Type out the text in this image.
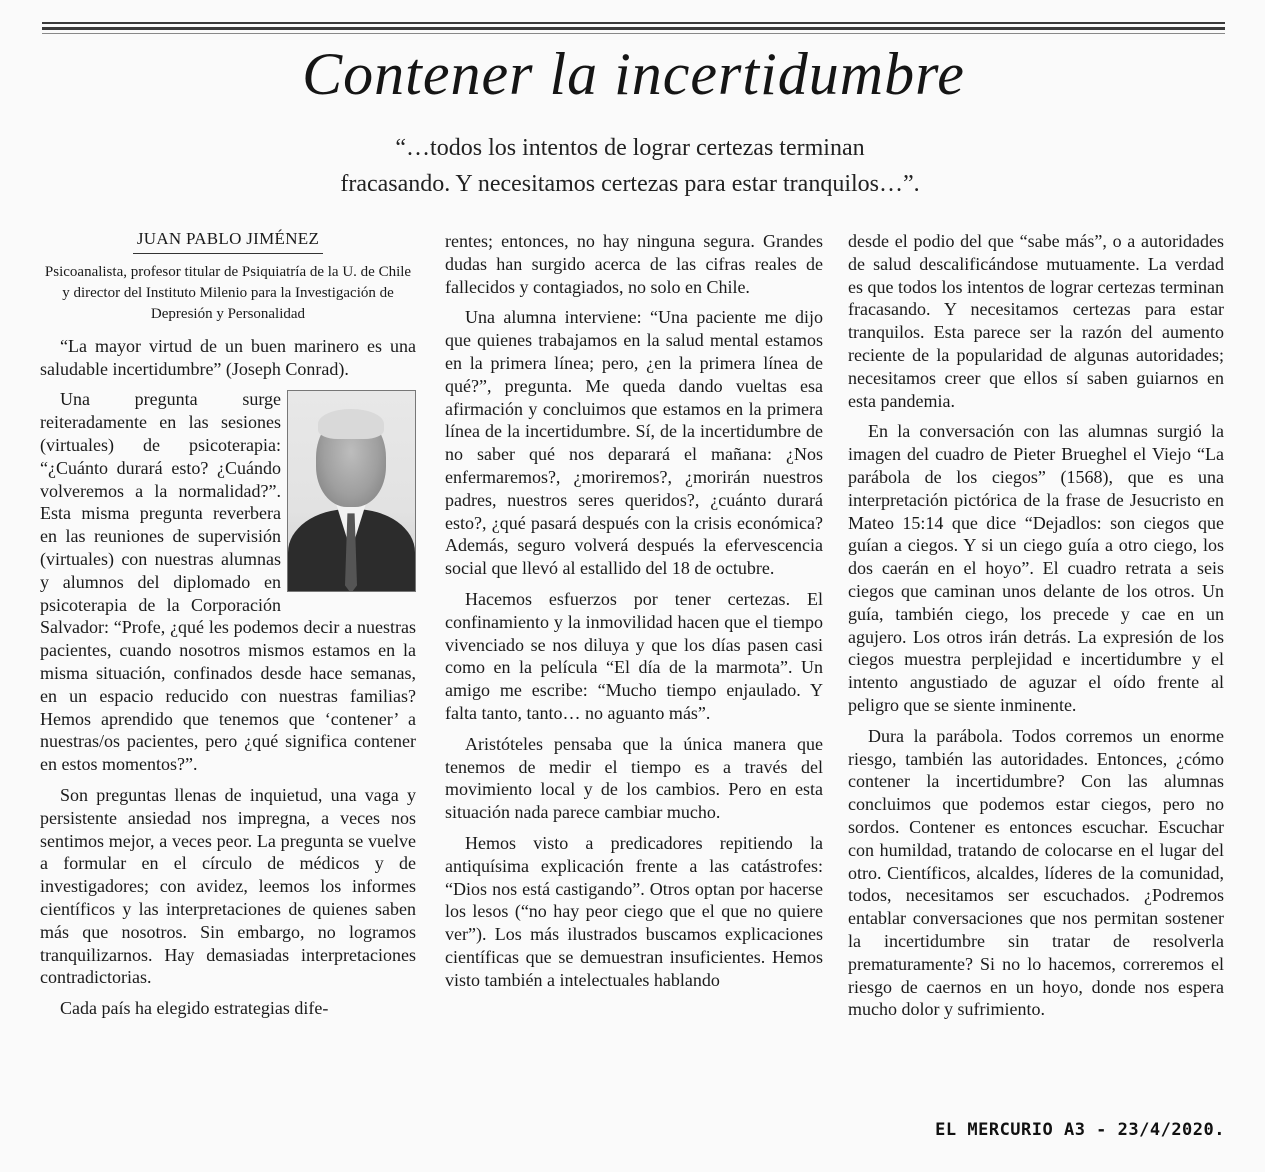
Contener la incertidumbre
“…todos los intentos de lograr certezas terminan
fracasando. Y necesitamos certezas para estar tranquilos…”.
JUAN PABLO JIMÉNEZ
Psicoanalista, profesor titular de Psiquiatría de la U. de Chile y director del Instituto Milenio para la Investigación de Depresión y Personalidad

“La mayor virtud de un buen marinero es una saludable incertidumbre” (Joseph Conrad).

Una pregunta surge reiteradamente en las sesiones (virtuales) de psicoterapia: “¿Cuánto durará esto? ¿Cuándo volveremos a la normalidad?”. Esta misma pregunta reverbera en las reuniones de supervisión (virtuales) con nuestras alumnas y alumnos del diplomado en psicoterapia de la Corporación Salvador: “Profe, ¿qué les podemos decir a nuestras pacientes, cuando nosotros mismos estamos en la misma situación, confinados desde hace semanas, en un espacio reducido con nuestras familias? Hemos aprendido que tenemos que ‘contener’ a nuestras/os pacientes, pero ¿qué significa contener en estos momentos?”.

Son preguntas llenas de inquietud, una vaga y persistente ansiedad nos impregna, a veces nos sentimos mejor, a veces peor. La pregunta se vuelve a formular en el círculo de médicos y de investigadores; con avidez, leemos los informes científicos y las interpretaciones de quienes saben más que nosotros. Sin embargo, no logramos tranquilizarnos. Hay demasiadas interpretaciones contradictorias.

Cada país ha elegido estrategias dife-

rentes; entonces, no hay ninguna segura. Grandes dudas han surgido acerca de las cifras reales de fallecidos y contagiados, no solo en Chile.

Una alumna interviene: “Una paciente me dijo que quienes trabajamos en la salud mental estamos en la primera línea; pero, ¿en la primera línea de qué?”, pregunta. Me queda dando vueltas esa afirmación y concluimos que estamos en la primera línea de la incertidumbre. Sí, de la incertidumbre de no saber qué nos deparará el mañana: ¿Nos enfermaremos?, ¿moriremos?, ¿morirán nuestros padres, nuestros seres queridos?, ¿cuánto durará esto?, ¿qué pasará después con la crisis económica? Además, seguro volverá después la efervescencia social que llevó al estallido del 18 de octubre.

Hacemos esfuerzos por tener certezas. El confinamiento y la inmovilidad hacen que el tiempo vivenciado se nos diluya y que los días pasen casi como en la película “El día de la marmota”. Un amigo me escribe: “Mucho tiempo enjaulado. Y falta tanto, tanto… no aguanto más”.

Aristóteles pensaba que la única manera que tenemos de medir el tiempo es a través del movimiento local y de los cambios. Pero en esta situación nada parece cambiar mucho.

Hemos visto a predicadores repitiendo la antiquísima explicación frente a las catástrofes: “Dios nos está castigando”. Otros optan por hacerse los lesos (“no hay peor ciego que el que no quiere ver”). Los más ilustrados buscamos explicaciones científicas que se demuestran insuficientes. Hemos visto también a intelectuales hablando

desde el podio del que “sabe más”, o a autoridades de salud descalificándose mutuamente. La verdad es que todos los intentos de lograr certezas terminan fracasando. Y necesitamos certezas para estar tranquilos. Esta parece ser la razón del aumento reciente de la popularidad de algunas autoridades; necesitamos creer que ellos sí saben guiarnos en esta pandemia.

En la conversación con las alumnas surgió la imagen del cuadro de Pieter Brueghel el Viejo “La parábola de los ciegos” (1568), que es una interpretación pictórica de la frase de Jesucristo en Mateo 15:14 que dice “Dejadlos: son ciegos que guían a ciegos. Y si un ciego guía a otro ciego, los dos caerán en el hoyo”. El cuadro retrata a seis ciegos que caminan unos delante de los otros. Un guía, también ciego, los precede y cae en un agujero. Los otros irán detrás. La expresión de los ciegos muestra perplejidad e incertidumbre y el intento angustiado de aguzar el oído frente al peligro que se siente inminente.

Dura la parábola. Todos corremos un enorme riesgo, también las autoridades. Entonces, ¿cómo contener la incertidumbre? Con las alumnas concluimos que podemos estar ciegos, pero no sordos. Contener es entonces escuchar. Escuchar con humildad, tratando de colocarse en el lugar del otro. Científicos, alcaldes, líderes de la comunidad, todos, necesitamos ser escuchados. ¿Podremos entablar conversaciones que nos permitan sostener la incertidumbre sin tratar de resolverla prematuramente? Si no lo hacemos, correremos el riesgo de caernos en un hoyo, donde nos espera mucho dolor y sufrimiento.

EL MERCURIO A3 - 23/4/2020.
